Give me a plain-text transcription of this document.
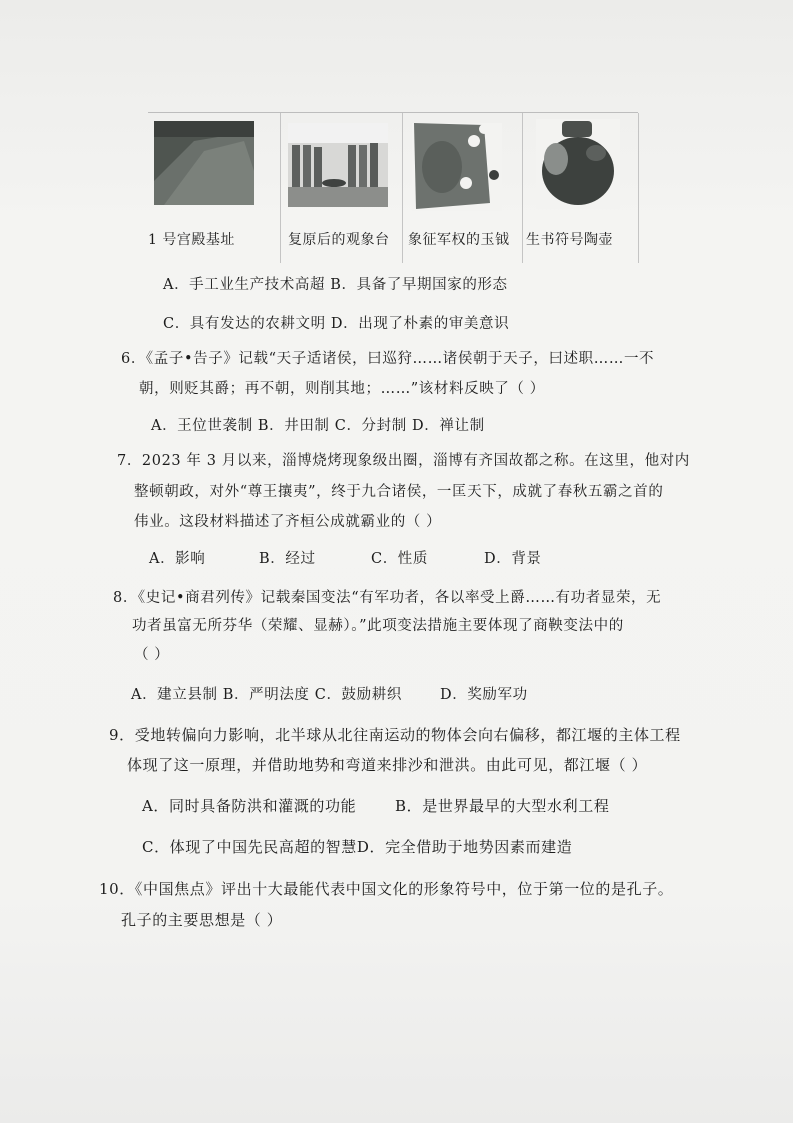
1 号宫殿基址	复原后的观象台	象征军权的玉钺	生书符号陶壶
A．手工业生产技术高超 B．具备了早期国家的形态
C．具有发达的农耕文明 D．出现了朴素的审美意识
6．《孟子•告子》记载“天子适诸侯，曰巡狩……诸侯朝于天子，曰述职……一不
朝，则贬其爵；再不朝，则削其地；……”该材料反映了（ ）
A．王位世袭制 B．井田制 C．分封制 D．禅让制
7．2023 年 3 月以来，淄博烧烤现象级出圈，淄博有齐国故都之称。在这里，他对内
整顿朝政，对外“尊王攘夷”，终于九合诸侯，一匡天下，成就了春秋五霸之首的
伟业。这段材料描述了齐桓公成就霸业的（ ）
A．影响	B．经过	C．性质	D．背景
8．《史记•商君列传》记载秦国变法“有军功者，各以率受上爵……有功者显荣，无
功者虽富无所芬华（荣耀、显赫）。”此项变法措施主要体现了商鞅变法中的
（ ）
A．建立县制 B．严明法度 C．鼓励耕织	D．奖励军功
9．受地转偏向力影响，北半球从北往南运动的物体会向右偏移，都江堰的主体工程
体现了这一原理，并借助地势和弯道来排沙和泄洪。由此可见，都江堰（ ）
A．同时具备防洪和灌溉的功能	B．是世界最早的大型水利工程
C．体现了中国先民高超的智慧D．完全借助于地势因素而建造
10．《中国焦点》评出十大最能代表中国文化的形象符号中，位于第一位的是孔子。
孔子的主要思想是（ ）
